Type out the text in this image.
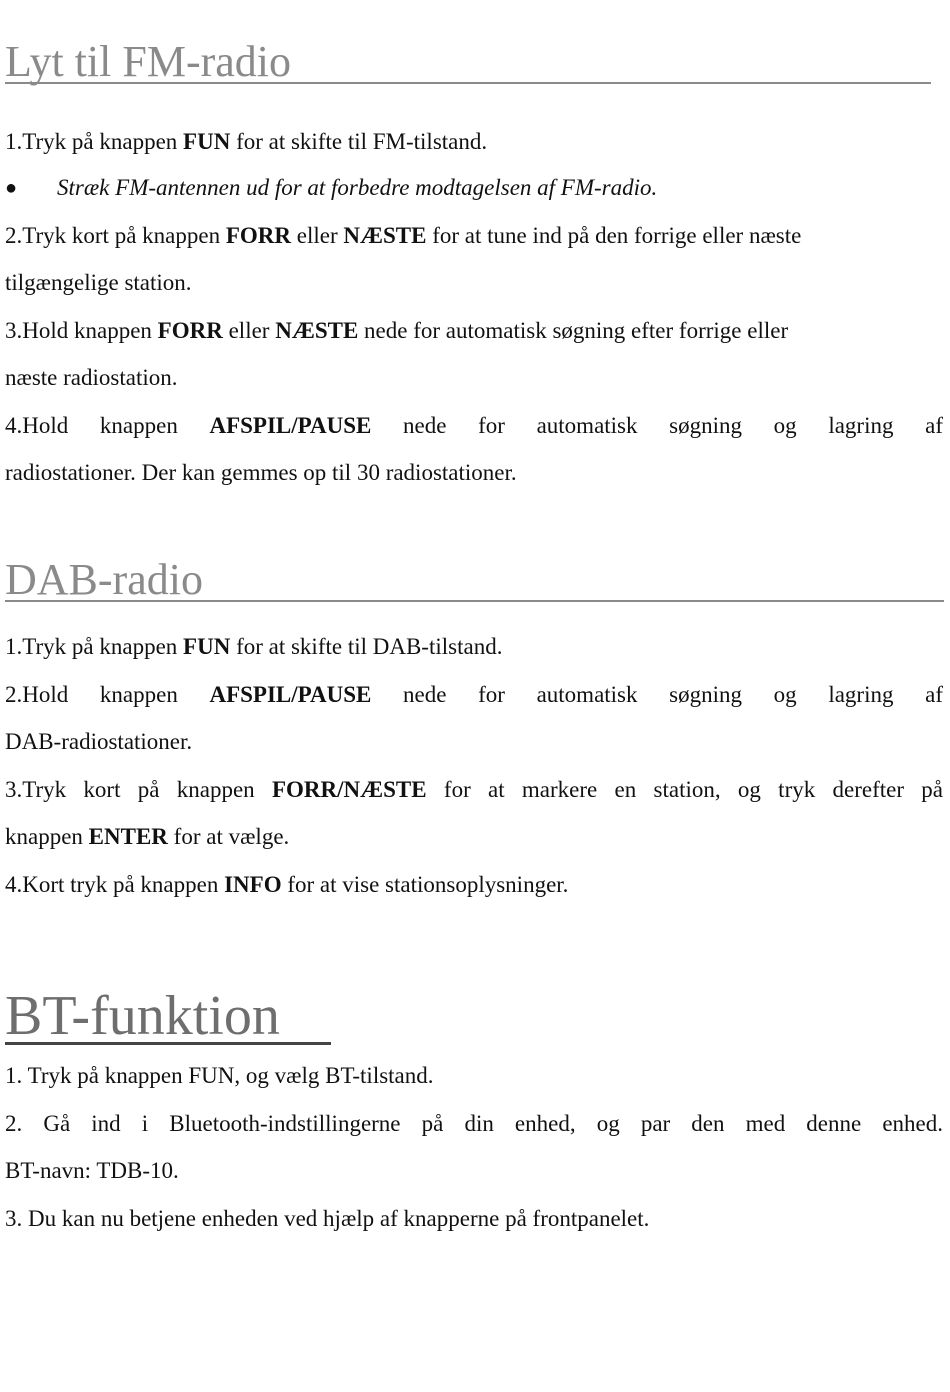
Lyt til FM-radio
1.Tryk på knappen FUN for at skifte til FM-tilstand.
● Stræk FM-antennen ud for at forbedre modtagelsen af FM-radio.
2.Tryk kort på knappen FORR eller NÆSTE for at tune ind på den forrige eller næste
tilgængelige station.
3.Hold knappen FORR eller NÆSTE nede for automatisk søgning efter forrige eller
næste radiostation.
4.Hold knappen AFSPIL/PAUSE nede for automatisk søgning og lagring af
radiostationer. Der kan gemmes op til 30 radiostationer.
DAB-radio
1.Tryk på knappen FUN for at skifte til DAB-tilstand.
2.Hold knappen AFSPIL/PAUSE nede for automatisk søgning og lagring af
DAB-radiostationer.
3.Tryk kort på knappen FORR/NÆSTE for at markere en station, og tryk derefter på
knappen ENTER for at vælge.
4.Kort tryk på knappen INFO for at vise stationsoplysninger.
BT-funktion
1. Tryk på knappen FUN, og vælg BT-tilstand.
2. Gå ind i Bluetooth-indstillingerne på din enhed, og par den med denne enhed.
BT-navn: TDB-10.
3. Du kan nu betjene enheden ved hjælp af knapperne på frontpanelet.
